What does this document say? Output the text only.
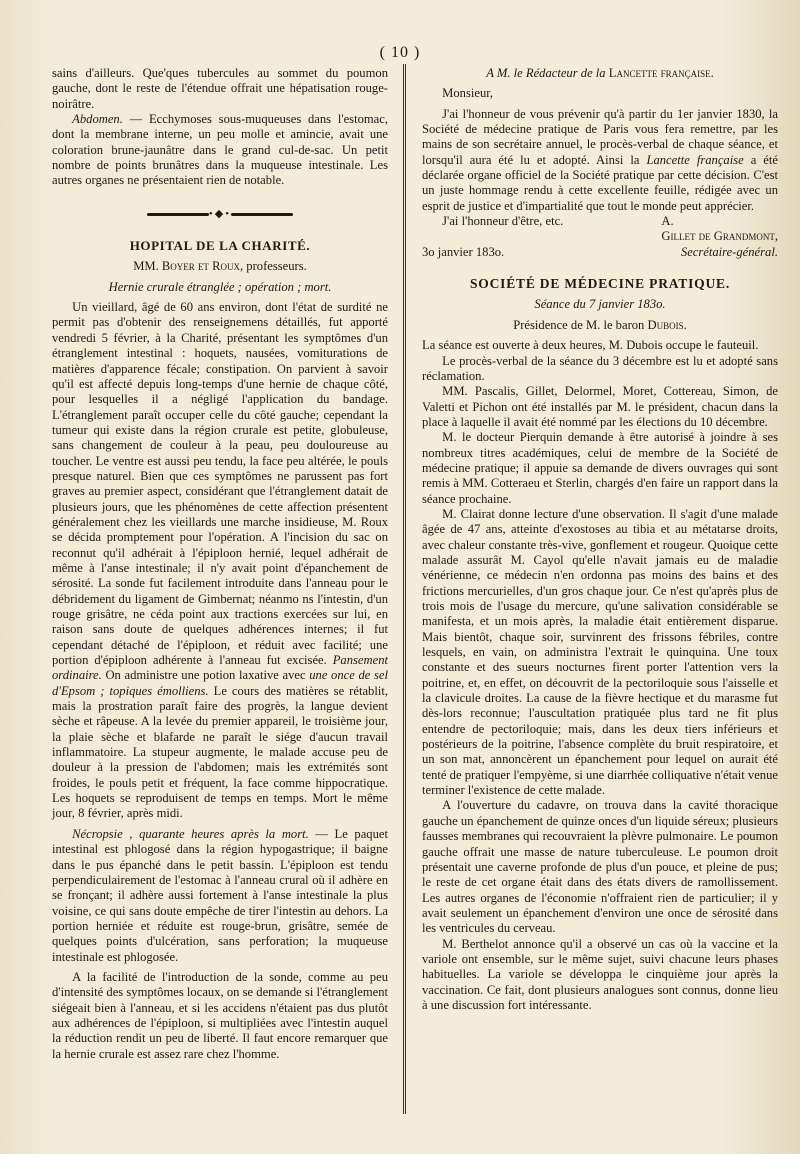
( 10 )

sains d'ailleurs. Que'ques tubercules au sommet du poumon gauche, dont le reste de l'étendue offrait une hépatisation rouge-noirâtre.

Abdomen. — Ecchymoses sous-muqueuses dans l'estomac, dont la membrane interne, un peu molle et amincie, avait une coloration brune-jaunâtre dans le grand cul-de-sac. Un petit nombre de points brunâtres dans la muqueuse intestinale. Les autres organes ne présentaient rien de notable.

•◆•
HOPITAL DE LA CHARITÉ.

MM. Boyer et Roux, professeurs.

Hernie crurale étranglée ; opération ; mort.

Un vieillard, âgé de 60 ans environ, dont l'état de surdité ne permit pas d'obtenir des renseignemens détaillés, fut apporté vendredi 5 février, à la Charité, présentant les symptômes d'un étranglement intestinal : hoquets, nausées, vomiturations de matières d'apparence fécale; constipation. On parvient à savoir qu'il est affecté depuis long-temps d'une hernie de chaque côté, pour lesquelles il a négligé l'application du bandage. L'étranglement paraît occuper celle du côté gauche; cependant la tumeur qui existe dans la région crurale est petite, globuleuse, sans changement de couleur à la peau, peu douloureuse au toucher. Le ventre est aussi peu tendu, la face peu altérée, le pouls presque naturel. Bien que ces symptômes ne parussent pas fort graves au premier aspect, considérant que l'étranglement datait de plusieurs jours, que les phénomènes de cette affection présentent généralement chez les vieillards une marche insidieuse, M. Roux se décida promptement pour l'opération. A l'incision du sac on reconnut qu'il adhérait à l'épiploon hernié, lequel adhérait de même à l'anse intestinale; il n'y avait point d'épanchement de sérosité. La sonde fut facilement introduite dans l'anneau pour le débridement du ligament de Gimbernat; néanmo ns l'intestin, d'un rouge grisâtre, ne céda point aux tractions exercées sur lui, en raison sans doute de quelques adhérences internes; il fut cependant détaché de l'épiploon, et réduit avec facilité; une portion d'épiploon adhérente à l'anneau fut excisée. Pansement ordinaire. On administre une potion laxative avec une once de sel d'Epsom ; topiques émolliens. Le cours des matières se rétablit, mais la prostration paraît faire des progrès, la langue devient sèche et râpeuse. A la levée du premier appareil, le troisième jour, la plaie sèche et blafarde ne paraît le siége d'aucun travail inflammatoire. La stupeur augmente, le malade accuse peu de douleur à la pression de l'abdomen; mais les extrémités sont froides, le pouls petit et fréquent, la face comme hippocratique. Les hoquets se reproduisent de temps en temps. Mort le même jour, 8 février, après midi.

Nécropsie , quarante heures après la mort. — Le paquet intestinal est phlogosé dans la région hypogastrique; il baigne dans le pus épanché dans le petit bassin. L'épiploon est tendu perpendiculairement de l'estomac à l'anneau crural où il adhère en se fronçant; il adhère aussi fortement à l'anse intestinale la plus voisine, ce qui sans doute empêche de tirer l'intestin au dehors. La portion herniée et réduite est rouge-brun, grisâtre, semée de quelques points d'ulcération, sans perforation; la muqueuse intestinale est phlogosée.

A la facilité de l'introduction de la sonde, comme au peu d'intensité des symptômes locaux, on se demande si l'étranglement siégeait bien à l'anneau, et si les accidens n'étaient pas dus plutôt aux adhérences de l'épiploon, si multipliées avec l'intestin auquel la réduction rendit un peu de liberté. Il faut encore remarquer que la hernie crurale est assez rare chez l'homme.

A M. le Rédacteur de la Lancette française.

Monsieur,

J'ai l'honneur de vous prévenir qu'à partir du 1er janvier 1830, la Société de médecine pratique de Paris vous fera remettre, par les mains de son secrétaire annuel, le procès-verbal de chaque séance, et lorsqu'il aura été lu et adopté. Ainsi la Lancette française a été déclarée organe officiel de la Société pratique par cette décision. C'est un juste hommage rendu à cette excellente feuille, rédigée avec un esprit de justice et d'impartialité que tout le monde peut apprécier.

J'ai l'honneur d'être, etc.	A.
Gillet de Grandmont,
3o janvier 183o.	Secrétaire-général.
SOCIÉTÉ DE MÉDECINE PRATIQUE.

Séance du 7 janvier 183o.

Présidence de M. le baron Dubois.

La séance est ouverte à deux heures, M. Dubois occupe le fauteuil.

Le procès-verbal de la séance du 3 décembre est lu et adopté sans réclamation.

MM. Pascalis, Gillet, Delormel, Moret, Cottereau, Simon, de Valetti et Pichon ont été installés par M. le président, chacun dans la place à laquelle il avait été nommé par les élections du 10 décembre.

M. le docteur Pierquin demande à être autorisé à joindre à ses nombreux titres académiques, celui de membre de la Société de médecine pratique; il appuie sa demande de divers ouvrages qui sont remis à MM. Cotteraeu et Sterlin, chargés d'en faire un rapport dans la séance prochaine.

M. Clairat donne lecture d'une observation. Il s'agit d'une malade âgée de 47 ans, atteinte d'exostoses au tibia et au métatarse droits, avec chaleur constante très-vive, gonflement et rougeur. Quoique cette malade assurât M. Cayol qu'elle n'avait jamais eu de maladie vénérienne, ce médecin n'en ordonna pas moins des bains et des frictions mercurielles, d'un gros chaque jour. Ce n'est qu'après plus de trois mois de l'usage du mercure, qu'une salivation considérable se manifesta, et un mois après, la maladie était entièrement disparue. Mais bientôt, chaque soir, survinrent des frissons fébriles, contre lesquels, en vain, on administra l'extrait le quinquina. Une toux constante et des sueurs nocturnes firent porter l'attention vers la poitrine, et, en effet, on découvrit de la pectoriloquie sous l'aisselle et la clavicule droites. La cause de la fièvre hectique et du marasme fut dès-lors reconnue; l'auscultation pratiquée plus tard ne fit plus entendre de pectoriloquie; mais, dans les deux tiers inférieurs et postérieurs de la poitrine, l'absence complète du bruit respiratoire, et un son mat, annoncèrent un épanchement pour lequel on aurait été tenté de pratiquer l'empyème, si une diarrhée colliquative n'était venue terminer l'existence de cette malade.

A l'ouverture du cadavre, on trouva dans la cavité thoracique gauche un épanchement de quinze onces d'un liquide séreux; plusieurs fausses membranes qui recouvraient la plèvre pulmonaire. Le poumon gauche offrait une masse de nature tuberculeuse. Le poumon droit présentait une caverne profonde de plus d'un pouce, et pleine de pus; le reste de cet organe était dans des états divers de ramollissement. Les autres organes de l'économie n'offraient rien de particulier; il y avait seulement un épanchement d'environ une once de sérosité dans les ventricules du cerveau.

M. Berthelot annonce qu'il a observé un cas où la vaccine et la variole ont ensemble, sur le même sujet, suivi chacune leurs phases habituelles. La variole se développa le cinquième jour après la vaccination. Ce fait, dont plusieurs analogues sont connus, donne lieu à une discussion fort intéressante.
